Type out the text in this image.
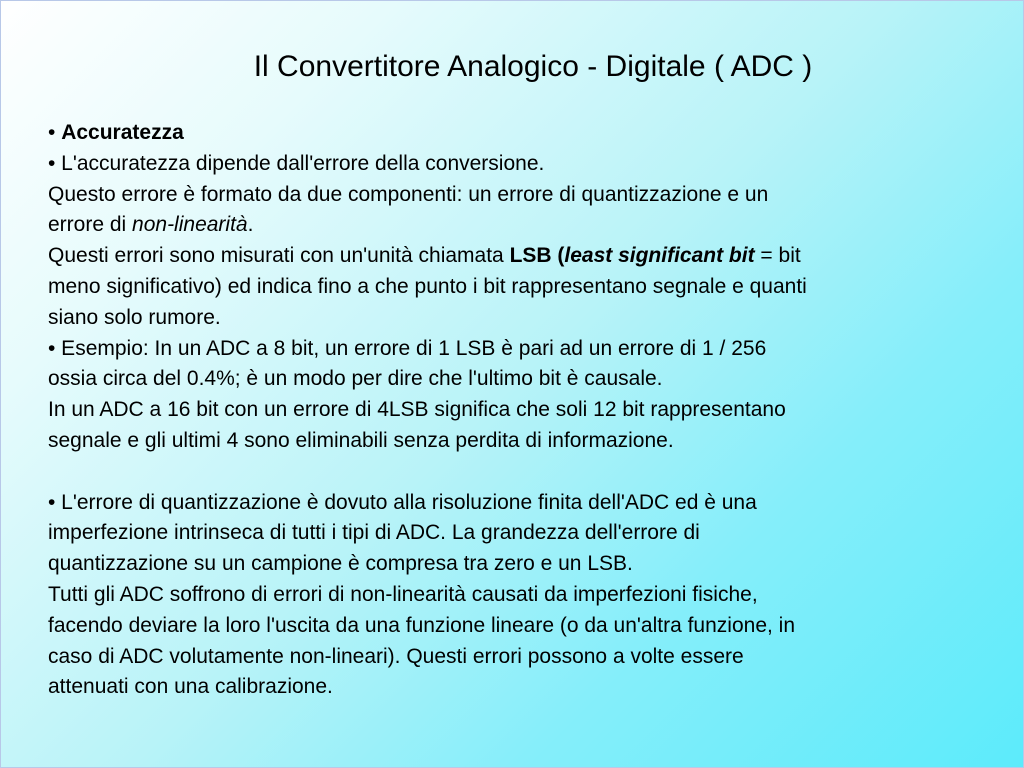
Il Convertitore Analogico - Digitale ( ADC )
• Accuratezza
• L'accuratezza dipende dall'errore della conversione.
Questo errore è formato da due componenti: un errore di quantizzazione e un
errore di non-linearità.
Questi errori sono misurati con un'unità chiamata LSB (least significant bit = bit
meno significativo) ed indica fino a che punto i bit rappresentano segnale e quanti
siano solo rumore.
• Esempio: In un ADC a 8 bit, un errore di 1 LSB è pari ad un errore di 1 / 256
ossia circa del 0.4%; è un modo per dire che l'ultimo bit è causale.
In un ADC a 16 bit con un errore di 4LSB significa che soli 12 bit rappresentano
segnale e gli ultimi 4 sono eliminabili senza perdita di informazione.
• L'errore di quantizzazione è dovuto alla risoluzione finita dell'ADC ed è una
imperfezione intrinseca di tutti i tipi di ADC. La grandezza dell'errore di
quantizzazione su un campione è compresa tra zero e un LSB.
Tutti gli ADC soffrono di errori di non-linearità causati da imperfezioni fisiche,
facendo deviare la loro l'uscita da una funzione lineare (o da un'altra funzione, in
caso di ADC volutamente non-lineari). Questi errori possono a volte essere
attenuati con una calibrazione.
